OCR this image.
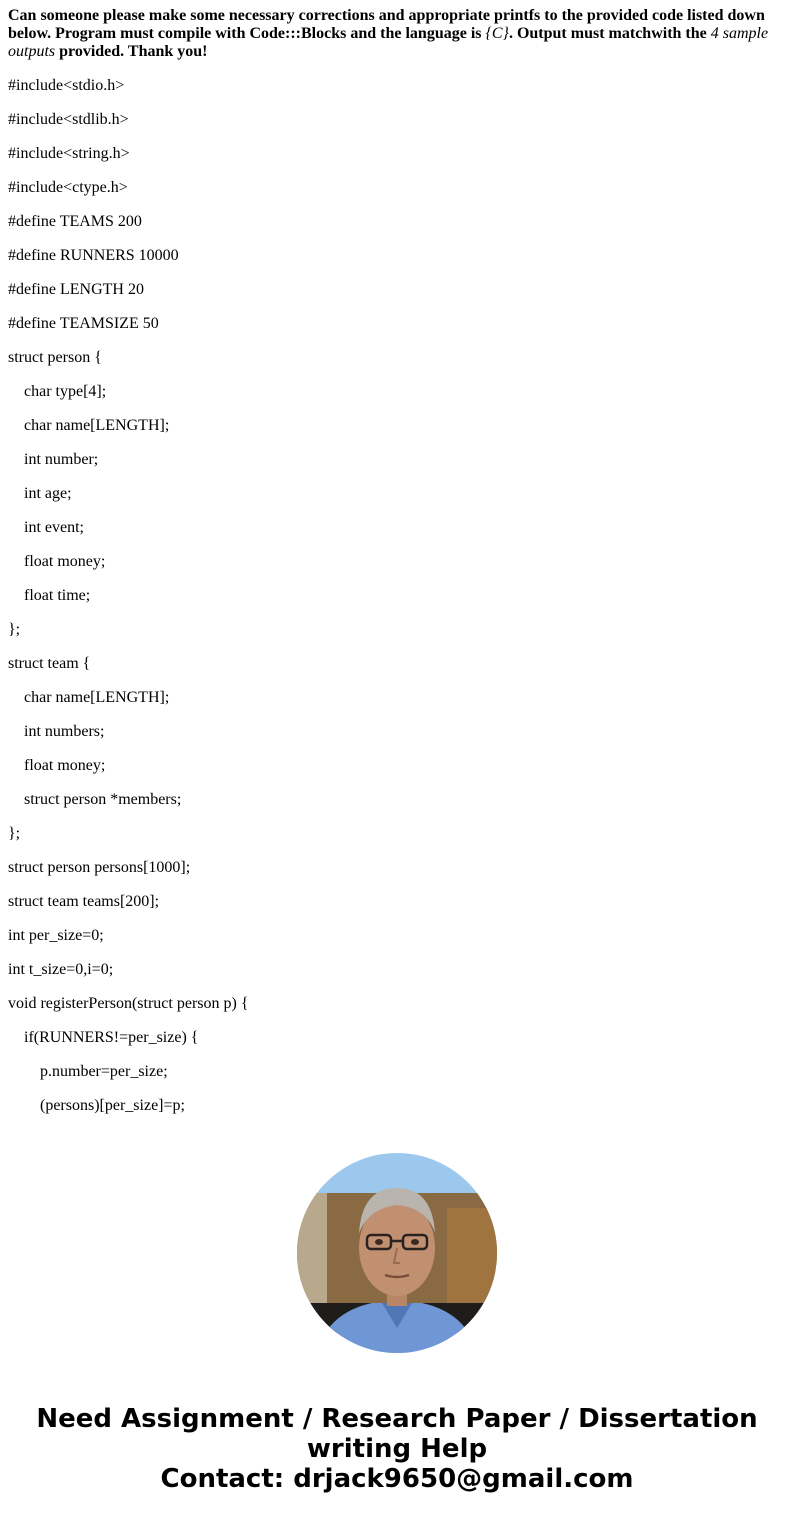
Can someone please make some necessary corrections and appropriate printfs to the provided code listed down below. Program must compile with Code:::Blocks and the language is {C}. Output must matchwith the 4 sample outputs provided. Thank you!

#include<stdio.h>
#include<stdlib.h>
#include<string.h>
#include<ctype.h>
#define TEAMS 200
#define RUNNERS 10000
#define LENGTH 20
#define TEAMSIZE 50
struct person {
char type[4];
char name[LENGTH];
int number;
int age;
int event;
float money;
float time;
};
struct team {
char name[LENGTH];
int numbers;
float money;
struct person *members;
};
struct person persons[1000];
struct team teams[200];
int per_size=0;
int t_size=0,i=0;
void registerPerson(struct person p) {
if(RUNNERS!=per_size) {
p.number=per_size;
(persons)[per_size]=p;
Need Assignment / Research Paper / Dissertation
writing Help
Contact: drjack9650@gmail.com
